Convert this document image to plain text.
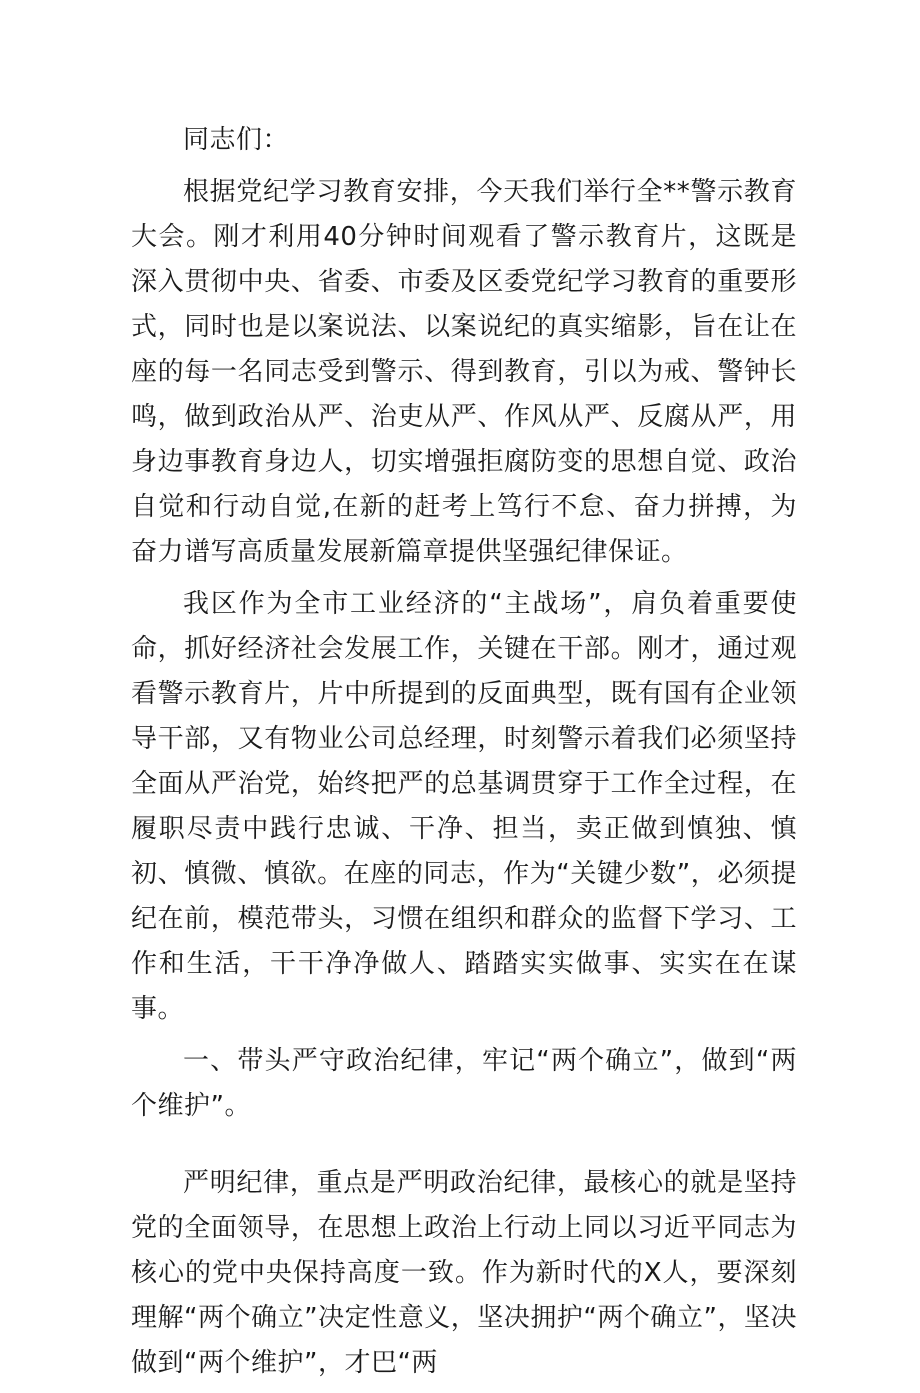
同志们：

根据党纪学习教育安排，今天我们举行全**警示教育大会。刚才利用40分钟时间观看了警示教育片，这既是深入贯彻中央、省委、市委及区委党纪学习教育的重要形式，同时也是以案说法、以案说纪的真实缩影，旨在让在座的每一名同志受到警示、得到教育，引以为戒、警钟长鸣，做到政治从严、治吏从严、作风从严、反腐从严，用身边事教育身边人，切实增强拒腐防变的思想自觉、政治自觉和行动自觉,在新的赶考上笃行不怠、奋力拼搏，为奋力谱写高质量发展新篇章提供坚强纪律保证。

我区作为全市工业经济的“主战场”，肩负着重要使命，抓好经济社会发展工作，关键在干部。刚才，通过观看警示教育片，片中所提到的反面典型，既有国有企业领导干部，又有物业公司总经理，时刻警示着我们必须坚持全面从严治党，始终把严的总基调贯穿于工作全过程，在履职尽责中践行忠诚、干净、担当，卖正做到慎独、慎初、慎微、慎欲。在座的同志，作为“关键少数”，必须提纪在前，模范带头，习惯在组织和群众的监督下学习、工作和生活，干干净净做人、踏踏实实做事、实实在在谋事。

一、带头严守政治纪律，牢记“两个确立”，做到“两个维护”。

严明纪律，重点是严明政治纪律，最核心的就是坚持党的全面领导，在思想上政治上行动上同以习近平同志为核心的党中央保持高度一致。作为新时代的X人，要深刻理解“两个确立”决定性意义，坚决拥护“两个确立”，坚决做到“两个维护”，才巴“两
